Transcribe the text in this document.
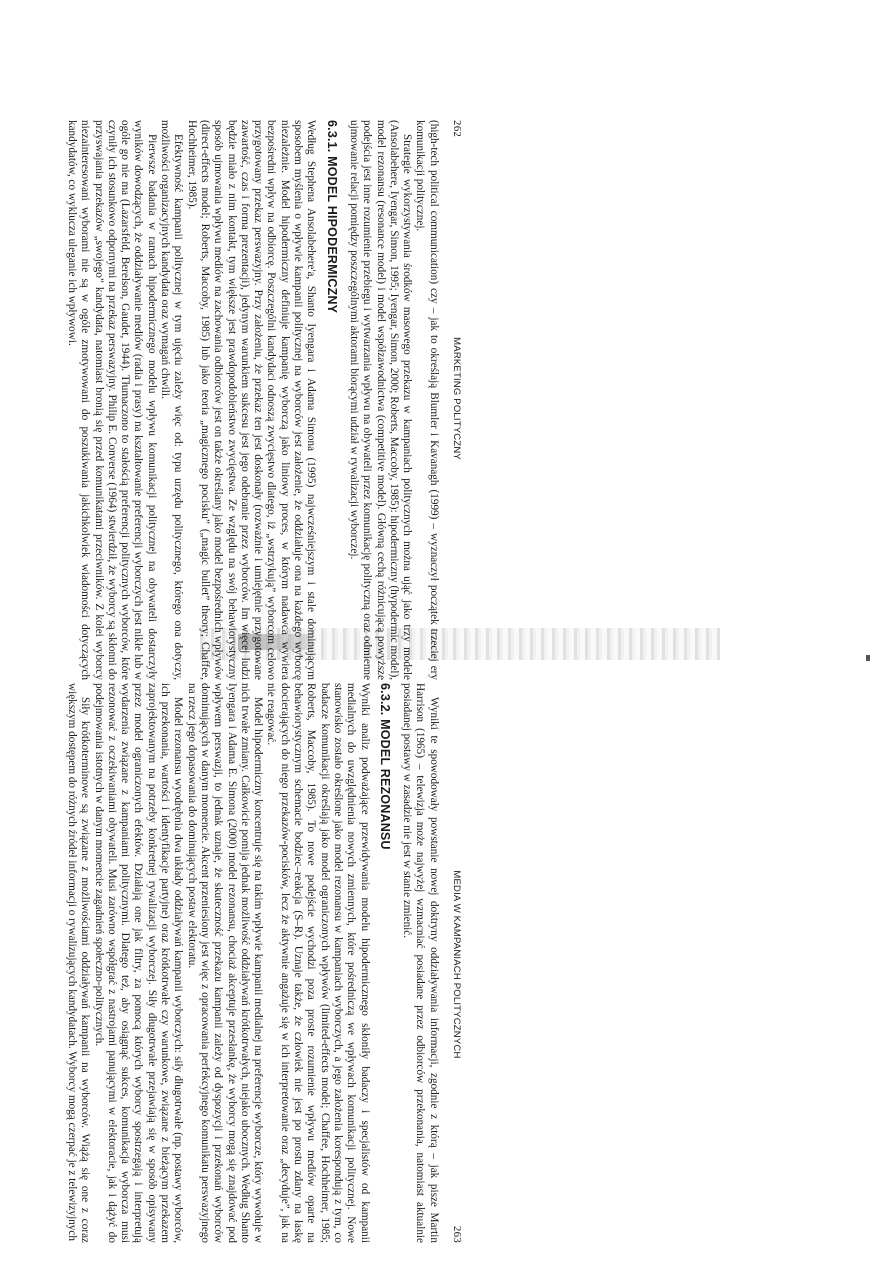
262
MARKETING POLITYCZNY

(high-tech political communication) czy – jak to określają Blumler i Kavanagh (1999) – wyznaczył początek trzeciej ery komunikacji politycznej.

Strategie wykorzystywania środków masowego przekazu w kampaniach politycznych można ująć jako trzy modele (Ansolabehere, Iyengar, Simon, 1995; Iyengar, Simon, 2000; Roberts, Maccoby, 1985): hipodermiczny (hypodermic model), model rezonansu (resonance model) i model współzawodnictwa (competitive model). Główną cechą różnicującą powyższe podejścia jest inne rozumienie przebiegu i wytwarzania wpływu na obywateli przez komunikację polityczną oraz odmienne ujmowanie relacji pomiędzy poszczególnymi aktorami biorącymi udział w rywalizacji wyborczej.

6.3.1. MODEL HIPODERMICZNY

Według Stephena Ansolabehere'a, Shanto Iyengara i Adama Simona (1995) najwcześniejszym i stale dominującym sposobem myślenia o wpływie kampanii politycznej na wyborców jest założenie, że oddziałuje ona na każdego wyborcę niezależnie. Model hipodermiczny definiuje kampanię wyborczą jako liniowy proces, w którym nadawca wywiera bezpośredni wpływ na odbiorcę. Poszczególni kandydaci odnoszą zwycięstwo dlatego, iż „wstrzykują” wyborcom celowo przygotowany przekaz perswazyjny. Przy założeniu, że przekaz ten jest doskonały (rozważnie i umiejętnie przygotowane zawartość, czas i forma prezentacji), jedynym warunkiem sukcesu jest jego odebranie przez wyborców. Im więcej ludzi będzie miało z nim kontakt, tym większe jest prawdopodobieństwo zwycięstwa. Ze względu na swój behawiorystyczny sposób ujmowania wpływu mediów na zachowania odbiorców jest on także określany jako model bezpośrednich wpływów (direct-effects model; Roberts, Maccoby, 1985) lub jako teoria „magicznego pocisku” („magic bullet” theory; Chaffee, Hochheimer, 1985).

Efektywność kampanii politycznej w tym ujęciu zależy więc od: typu urzędu politycznego, którego ona dotyczy, możliwości organizacyjnych kandydata oraz wymagań chwili.

Pierwsze badania w ramach hipodermicznego modelu wpływu komunikacji politycznej na obywateli dostarczyły wyników dowodzących, że oddziaływanie mediów (radia i prasy) na kształtowanie preferencji wyborczych jest nikłe lub w ogóle go nie ma (Lazarsfeld, Berelson, Gaudet, 1944). Tłumaczono to stałością preferencji politycznych wyborców, które czyniły ich stosunkowo odpornymi na przekaz perswazyjny. Philip E. Converse (1964) stwierdził, że wyborcy są skłonni do przyswajania przekazów „swojego” kandydata, natomiast bronią się przed komunikatami przeciwników. Z kolei wyborcy niezainteresowani wyborami nie są w ogóle zmotywowani do poszukiwania jakichkolwiek wiadomości dotyczących kandydatów, co wyklucza uleganie ich wpływowi.

MEDIA W KAMPANIACH POLITYCZNYCH
263

Wyniki te spowodowały powstanie nowej doktryny oddziaływania informacji, zgodnie z którą – jak pisze Martin Harrison (1965) – telewizja może najwyżej wzmacniać posiadane przez odbiorców przekonania, natomiast aktualnie posiadanej postawy w zasadzie nie jest w stanie zmienić.

6.3.2. MODEL REZONANSU

Wyniki analiz podważające przewidywania modelu hipodermicznego skłoniły badaczy i specjalistów od kampanii medialnych do uwzględnienia nowych zmiennych, które pośredniczą we wpływach komunikacji politycznej. Nowe stanowisko zostało określone jako model rezonansu w kampaniach wyborczych, a jego założenia korespondują z tym, co badacze komunikacji określają jako model ograniczonych wpływów (limited-effects model; Chaffee, Hochheimer, 1985; Roberts, Maccoby, 1985). To nowe podejście wychodzi poza proste rozumienie wpływu mediów oparte na behawiorystycznym schemacie bodziec–reakcja (S–R). Uznaje także, że człowiek nie jest po prostu zdany na łaskę docierających do niego przekazów-pocisków, lecz że aktywnie angażuje się w ich interpretowanie oraz „decyduje”, jak na nie reagować.

Model hipodermiczny koncentruje się na takim wpływie kampanii medialnej na preferencje wyborcze, który wywołuje w nich trwałe zmiany. Całkowicie pomija jednak możliwość oddziaływań krótkotrwałych, niejako ubocznych. Według Shanto Iyengara i Adama E. Simona (2000) model rezonansu, chociaż akceptuje przesłankę, że wyborcy mogą się znajdować pod wpływem perswazji, to jednak uznaje, że skuteczność przekazu kampanii zależy od dyspozycji i przekonań wyborców dominujących w danym momencie. Akcent przeniesiony jest więc z opracowania perfekcyjnego komunikatu perswazyjnego na rzecz jego dopasowania do dominujących postaw elektoratu.

Model rezonansu wyodrębnia dwa układy oddziaływań kampanii wyborczych: siły długotrwałe (np. postawy wyborców, ich przekonania, wartości i identyfikacje partyjne) oraz krótkotrwałe czy warunkowe, związane z bieżącym przekazem zaprojektowanym na potrzeby konkretnej rywalizacji wyborczej. Siły długotrwałe przejawiają się w sposób opisywany przez model ograniczonych efektów. Działają one jak filtry, za pomocą których wyborcy spostrzegają i interpretują wydarzenia związane z kampaniami politycznymi. Dlatego też, aby osiągnąć sukces, komunikacja wyborcza musi rezonować z oczekiwaniami obywateli. Musi zarówno współgrać z nastrojami panującymi w elektoracie, jak i dążyć do podejmowania istotnych w danym momencie zagadnień społeczno-politycznych.

Siły krótkoterminowe są związane z możliwościami oddziaływań kampanii na wyborców. Wiążą się one z coraz większym dostępem do różnych źródeł informacji o rywalizujących kandydatach. Wyborcy mogą czerpać je z telewizyjnych
